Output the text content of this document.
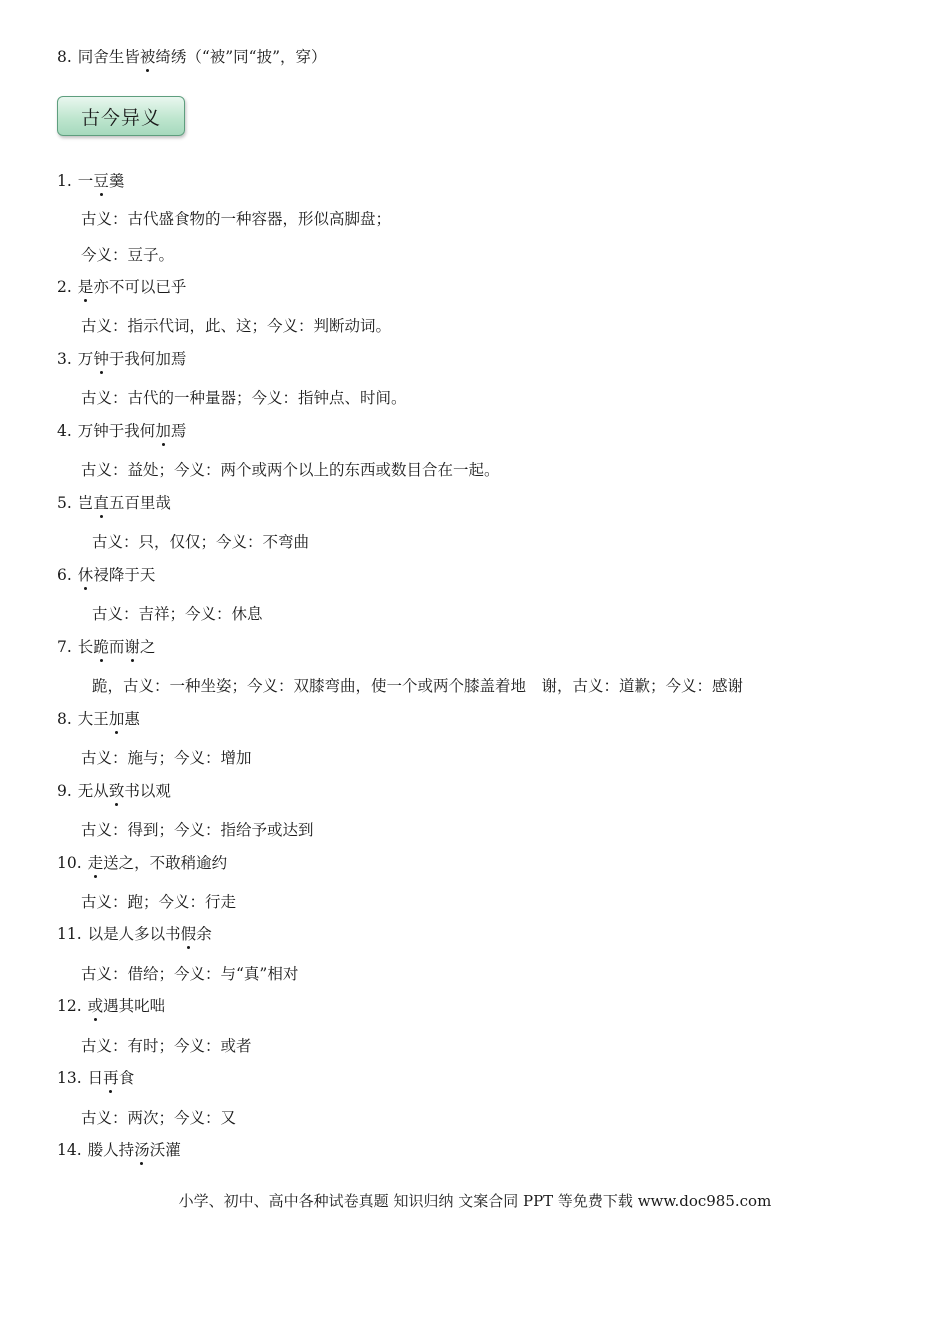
8. 同舍生皆被绮绣（“被”同“披”，穿）
古今异义
1. 一豆羹
古义：古代盛食物的一种容器，形似高脚盘；
今义：豆子。
2. 是亦不可以已乎
古义：指示代词，此、这；今义：判断动词。
3. 万钟于我何加焉
古义：古代的一种量器；今义：指钟点、时间。
4. 万钟于我何加焉
古义：益处；今义：两个或两个以上的东西或数目合在一起。
5. 岂直五百里哉
古义：只，仅仅；今义：不弯曲
6. 休祲降于天
古义：吉祥；今义：休息
7. 长跪而谢之
跪，古义：一种坐姿；今义：双膝弯曲，使一个或两个膝盖着地　谢，古义：道歉；今义：感谢
8. 大王加惠
古义：施与；今义：增加
9. 无从致书以观
古义：得到；今义：指给予或达到
10. 走送之，不敢稍逾约
古义：跑；今义：行走
11. 以是人多以书假余
古义：借给；今义：与“真”相对
12. 或遇其叱咄
古义：有时；今义：或者
13. 日再食
古义：两次；今义：又
14. 媵人持汤沃灌
小学、初中、高中各种试卷真题 知识归纳 文案合同 PPT 等免费下载 www.doc985.com
